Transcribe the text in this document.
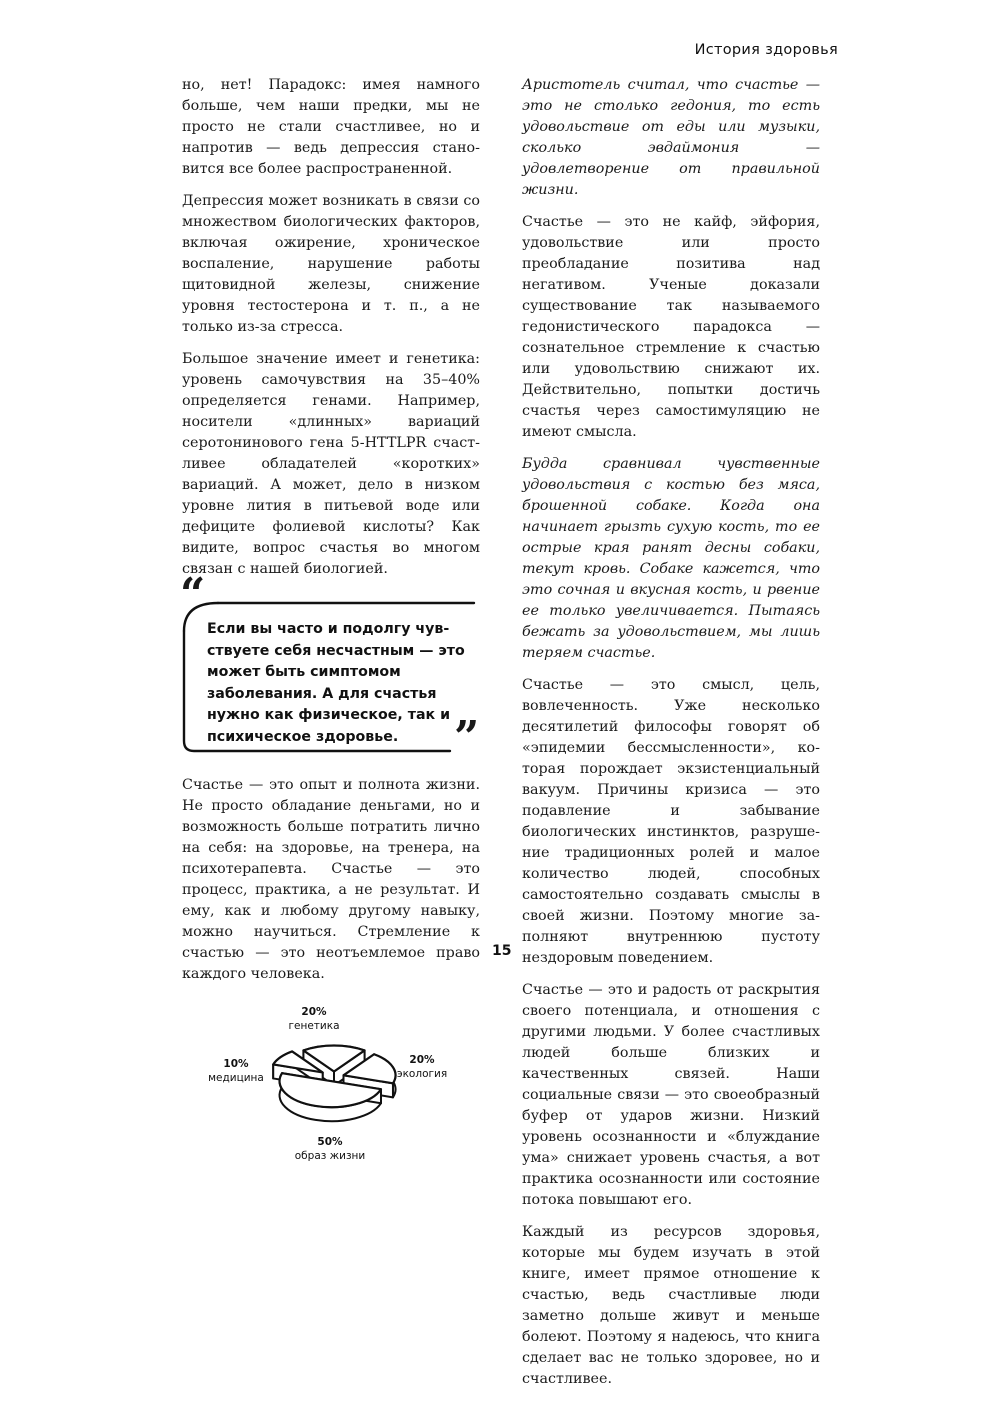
История здоровья

но, нет! Парадокс: имея намного больше, чем наши предки, мы не просто не стали счастливее, но и напротив — ведь депрессия становится все более распространенной.

Депрессия может возникать в связи со множеством биологических факторов, включая ожирение, хроническое воспаление, нарушение работы щитовидной железы, снижение уровня тестостерона и т. п., а не только из-за стресса.

Большое значение имеет и генетика: уровень самочувствия на 35–40% определяется генами. Например, носители «длинных» вариаций серотонинового гена 5-HTTLPR счастливее обладателей «коротких» вариаций. А может, дело в низком уровне лития в питьевой воде или дефиците фолиевой кислоты? Как видите, вопрос счастья во многом связан с нашей биологией.

“
Если вы часто и подолгу чувствуете себя несчастным — это может быть симптомом заболевания. А для счастья нужно как физическое, так и психическое здоровье.	”

Счастье — это опыт и полнота жизни. Не просто обладание деньгами, но и возможность больше потратить лично на себя: на здоровье, на тренера, на психотерапевта. Счастье — это процесс, практика, а не результат. И ему, как и любому другому навыку, можно научиться. Стремление к счастью — это неотъемлемое право каждого человека.

20%
генетика
20%
экология
10%
медицина
50%
образ жизни

Аристотель считал, что счастье — это не столько гедония, то есть удовольствие от еды или музыки, сколько эвдаймония — удовлетворение от правильной жизни.

Счастье — это не кайф, эйфория, удовольствие или просто преобладание позитива над негативом. Ученые доказали существование так называемого гедонистического парадокса — сознательное стремление к счастью или удовольствию снижают их. Действительно, попытки достичь счастья через самостимуляцию не имеют смысла.

Будда сравнивал чувственные удовольствия с костью без мяса, брошенной собаке. Когда она начинает грызть сухую кость, то ее острые края ранят десны собаки, текут кровь. Собаке кажется, что это сочная и вкусная кость, и рвение ее только увеличивается. Пытаясь бежать за удовольствием, мы лишь теряем счастье.

Счастье — это смысл, цель, вовлеченность. Уже несколько десятилетий философы говорят об «эпидемии бессмысленности», которая порождает экзистенциальный вакуум. Причины кризиса — это подавление и забывание биологических инстинктов, разрушение традиционных ролей и малое количество людей, способных самостоятельно создавать смыслы в своей жизни. Поэтому многие заполняют внутреннюю пустоту нездоровым поведением.

Счастье — это и радость от раскрытия своего потенциала, и отношения с другими людьми. У более счастливых людей больше близких и качественных связей. Наши социальные связи — это своеобразный буфер от ударов жизни. Низкий уровень осознанности и «блуждание ума» снижает уровень счастья, а вот практика осознанности или состояние потока повышают его.

Каждый из ресурсов здоровья, которые мы будем изучать в этой книге, имеет прямое отношение к счастью, ведь счастливые люди заметно дольше живут и меньше болеют. Поэтому я надеюсь, что книга сделает вас не только здоровее, но и счастливее.

15
